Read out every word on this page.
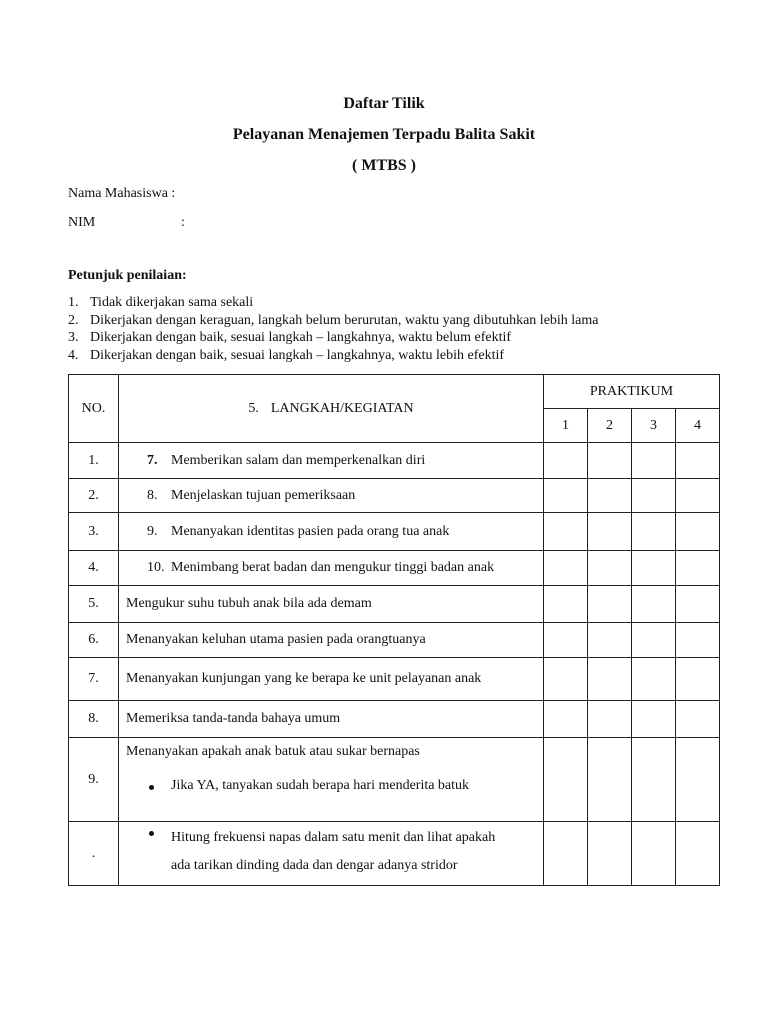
Daftar Tilik
Pelayanan Menajemen Terpadu Balita Sakit
( MTBS )
Nama Mahasiswa :
NIM	:
Petunjuk penilaian:
1. Tidak dikerjakan sama sekali
2. Dikerjakan dengan keraguan, langkah belum berurutan, waktu yang dibutuhkan lebih lama
3. Dikerjakan dengan baik, sesuai langkah – langkahnya, waktu belum efektif
4. Dikerjakan dengan baik, sesuai langkah – langkahnya, waktu lebih efektif
NO.	5. LANGKAH/KEGIATAN	PRAKTIKUM			
		1	2	3	4
1.	7. Memberikan salam dan memperkenalkan diri				
2.	8. Menjelaskan tujuan pemeriksaan				
3.	9. Menanyakan identitas pasien pada orang tua anak				
4.	10. Menimbang berat badan dan mengukur tinggi badan anak				
5.	Mengukur suhu tubuh anak bila ada demam				
6.	Menanyakan keluhan utama pasien pada orangtuanya				
7.	Menanyakan kunjungan yang ke berapa ke unit pelayanan anak				
8.	Memeriksa tanda-tanda bahaya umum				
9.	Menanyakan apakah anak batuk atau sukar bernapas
Jika YA, tanyakan sudah berapa hari menderita batuk				

.	Hitung frekuensi napas dalam satu menit dan lihat apakah
ada tarikan dinding dada dan dengar adanya stridor				
